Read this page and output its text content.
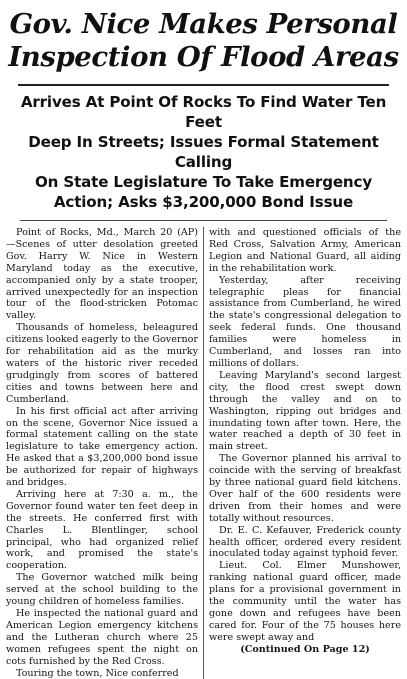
Gov. Nice Makes Personal
Inspection Of Flood Areas
Arrives At Point Of Rocks To Find Water Ten Feet
Deep In Streets; Issues Formal Statement Calling
On State Legislature To Take Emergency
Action; Asks $3,200,000 Bond Issue

Point of Rocks, Md., March 20 (AP) —Scenes of utter desolation greeted Gov. Harry W. Nice in Western Maryland today as the executive, accompanied only by a state trooper, arrived unexpectedly for an inspection tour of the flood-stricken Potomac valley.

Thousands of homeless, beleagured citizens looked eagerly to the Governor for rehabilitation aid as the murky waters of the historic river receded grudgingly from scores of battered cities and towns between here and Cumberland.

In his first official act after arriving on the scene, Governor Nice issued a formal statement calling on the state legislature to take emergency action. He asked that a $3,200,000 bond issue be authorized for repair of highways and bridges.

Arriving here at 7:30 a. m., the Governor found water ten feet deep in the streets. He conferred first with Charles L. Blentlinger, school principal, who had organized relief work, and promised the state's cooperation.

The Governor watched milk being served at the school building to the young children of homeless families.

He inspected the national guard and American Legion emergency kitchens and the Lutheran church where 25 women refugees spent the night on cots furnished by the Red Cross.

Touring the town, Nice conferred

with and questioned officials of the Red Cross, Salvation Army, American Legion and National Guard, all aiding in the rehabilitation work.

Yesterday, after receiving telegraphic pleas for financial assistance from Cumberland, he wired the state's congressional delegation to seek federal funds. One thousand families were homeless in Cumberland, and losses ran into millions of dollars.

Leaving Maryland's second largest city, the flood crest swept down through the valley and on to Washington, ripping out bridges and inundating town after town. Here, the water reached a depth of 30 feet in main street.

The Governor planned his arrival to coincide with the serving of breakfast by three national guard field kitchens. Over half of the 600 residents were driven from their homes and were totally without resources.

Dr. E. C. Kefauver, Frederick county health officer, ordered every resident inoculated today against typhoid fever.

Lieut. Col. Elmer Munshower, ranking national guard officer, made plans for a provisional government in the community until the water has gone down and refugees have been cared for. Four of the 75 houses here were swept away and

(Continued On Page 12)
